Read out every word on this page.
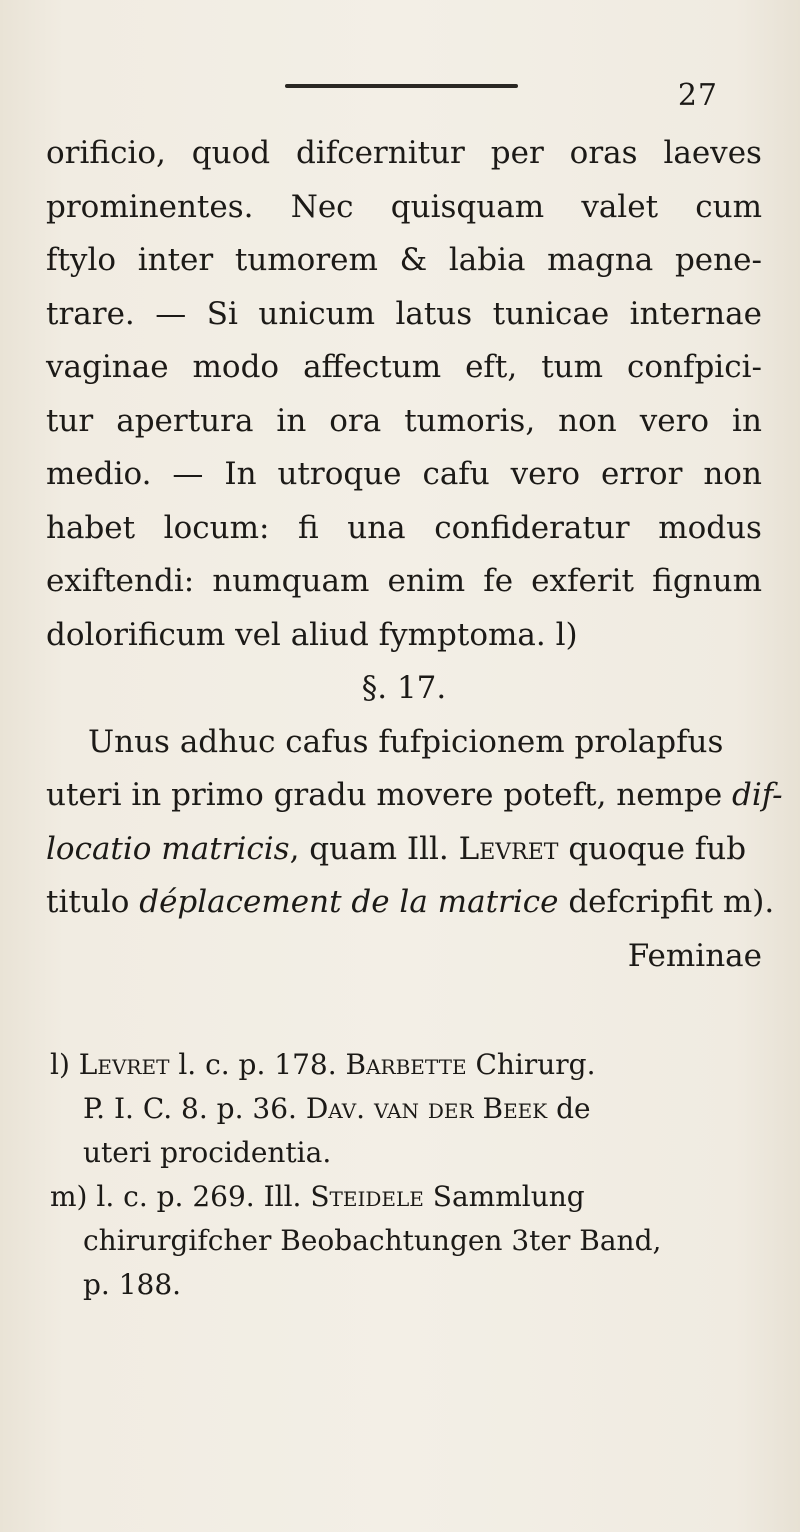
27
orificio, quod difcernitur per oras laeves
prominentes. Nec quisquam valet cum
ftylo inter tumorem & labia magna pene-
trare. — Si unicum latus tunicae internae
vaginae modo affectum eft, tum confpici-
tur apertura in ora tumoris, non vero in
medio. — In utroque cafu vero error non
habet locum: fi una confideratur modus
exiftendi: numquam enim fe exferit fignum
dolorificum vel aliud fymptoma. l)
§. 17.
Unus adhuc cafus fufpicionem prolapfus
uteri in primo gradu movere poteft, nempe dif-
locatio matricis, quam Ill. Levret quoque fub
titulo déplacement de la matrice defcripfit m).
Feminae
l) Levret l. c. p. 178. Barbette Chirurg.
P. I. C. 8. p. 36. Dav. van der Beek de
uteri procidentia.
m) l. c. p. 269. Ill. Steidele Sammlung
chirurgifcher Beobachtungen 3ter Band,
p. 188.
